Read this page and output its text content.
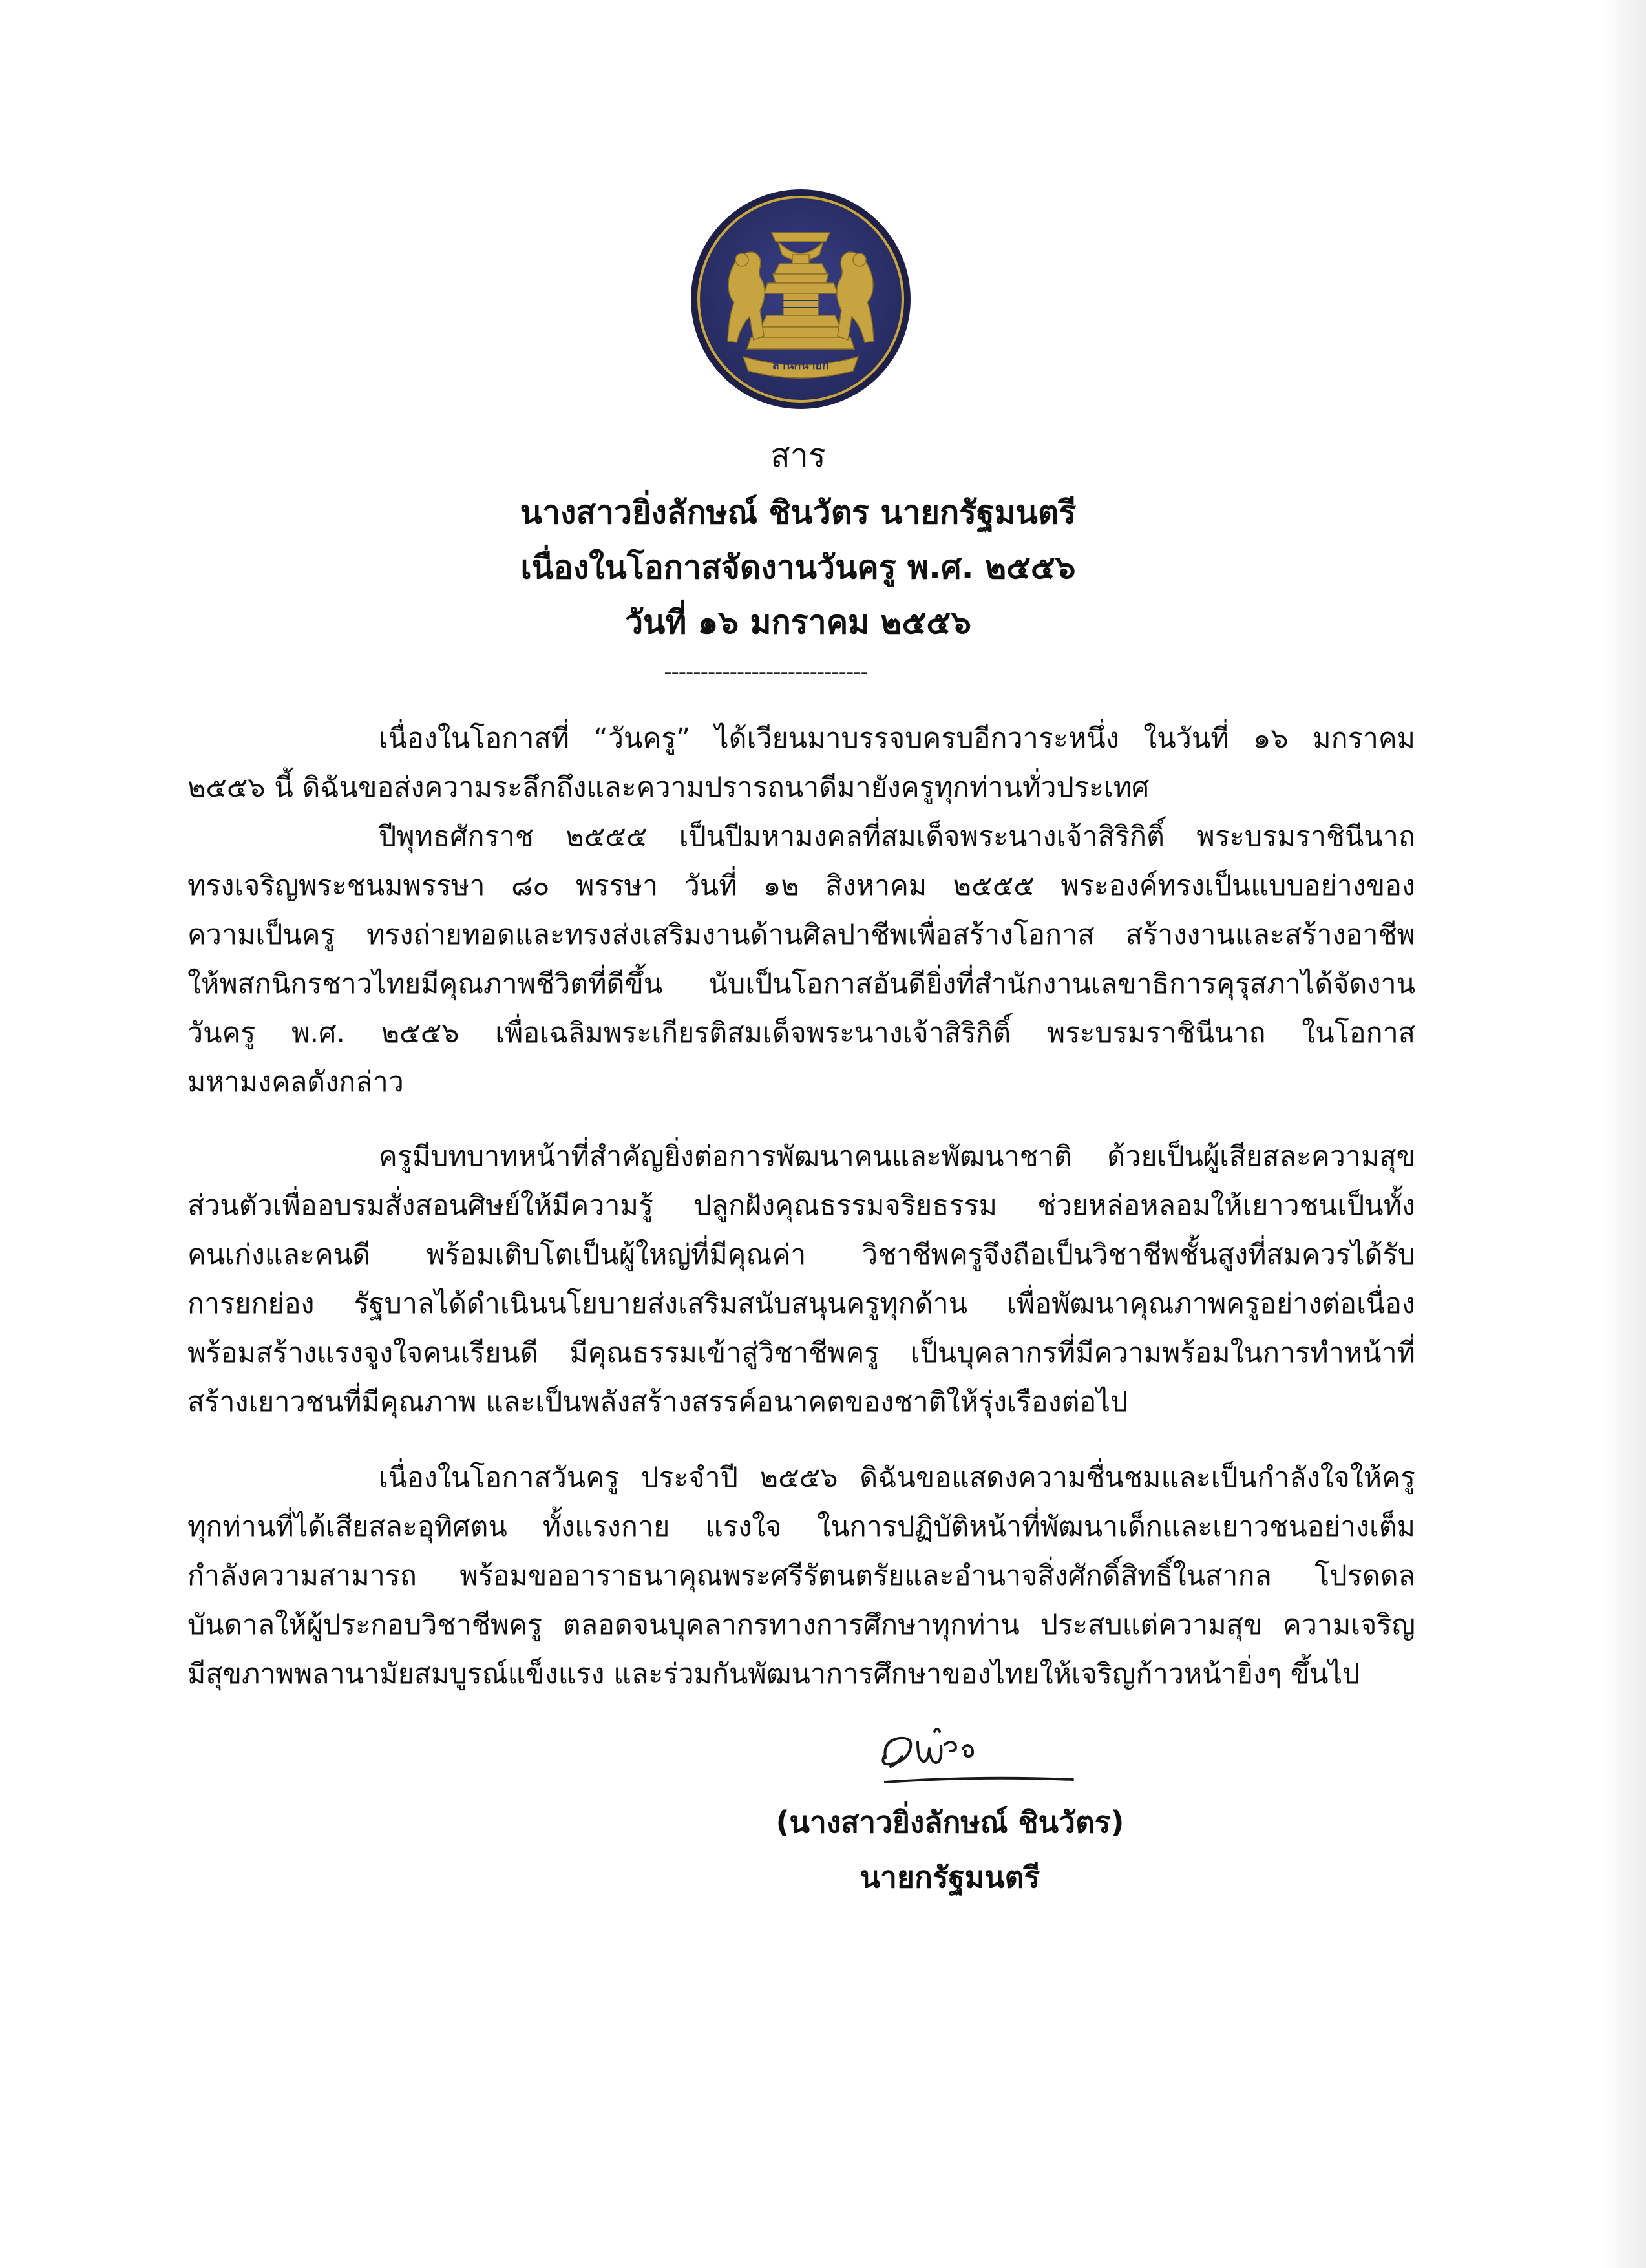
สำนักนายก
สาร
นางสาวยิ่งลักษณ์ ชินวัตร นายกรัฐมนตรี
เนื่องในโอกาสจัดงานวันครู พ.ศ. ๒๕๕๖
วันที่ ๑๖ มกราคม ๒๕๕๖
----------------------------
เนื่องในโอกาสที่ “วันครู” ได้เวียนมาบรรจบครบอีกวาระหนึ่ง ในวันที่ ๑๖ มกราคม
๒๕๕๖ นี้ ดิฉันขอส่งความระลึกถึงและความปรารถนาดีมายังครูทุกท่านทั่วประเทศ
ปีพุทธศักราช ๒๕๕๕ เป็นปีมหามงคลที่สมเด็จพระนางเจ้าสิริกิติ์ พระบรมราชินีนาถ
ทรงเจริญพระชนมพรรษา ๘๐ พรรษา วันที่ ๑๒ สิงหาคม ๒๕๕๕ พระองค์ทรงเป็นแบบอย่างของ
ความเป็นครู ทรงถ่ายทอดและทรงส่งเสริมงานด้านศิลปาชีพเพื่อสร้างโอกาส สร้างงานและสร้างอาชีพ
ให้พสกนิกรชาวไทยมีคุณภาพชีวิตที่ดีขึ้น นับเป็นโอกาสอันดียิ่งที่สำนักงานเลขาธิการคุรุสภาได้จัดงาน
วันครู พ.ศ. ๒๕๕๖ เพื่อเฉลิมพระเกียรติสมเด็จพระนางเจ้าสิริกิติ์ พระบรมราชินีนาถ ในโอกาส
มหามงคลดังกล่าว
ครูมีบทบาทหน้าที่สำคัญยิ่งต่อการพัฒนาคนและพัฒนาชาติ ด้วยเป็นผู้เสียสละความสุข
ส่วนตัวเพื่ออบรมสั่งสอนศิษย์ให้มีความรู้ ปลูกฝังคุณธรรมจริยธรรม ช่วยหล่อหลอมให้เยาวชนเป็นทั้ง
คนเก่งและคนดี พร้อมเติบโตเป็นผู้ใหญ่ที่มีคุณค่า วิชาชีพครูจึงถือเป็นวิชาชีพชั้นสูงที่สมควรได้รับ
การยกย่อง รัฐบาลได้ดำเนินนโยบายส่งเสริมสนับสนุนครูทุกด้าน เพื่อพัฒนาคุณภาพครูอย่างต่อเนื่อง
พร้อมสร้างแรงจูงใจคนเรียนดี มีคุณธรรมเข้าสู่วิชาชีพครู เป็นบุคลากรที่มีความพร้อมในการทำหน้าที่
สร้างเยาวชนที่มีคุณภาพ และเป็นพลังสร้างสรรค์อนาคตของชาติให้รุ่งเรืองต่อไป
เนื่องในโอกาสวันครู ประจำปี ๒๕๕๖ ดิฉันขอแสดงความชื่นชมและเป็นกำลังใจให้ครู
ทุกท่านที่ได้เสียสละอุทิศตน ทั้งแรงกาย แรงใจ ในการปฏิบัติหน้าที่พัฒนาเด็กและเยาวชนอย่างเต็ม
กำลังความสามารถ พร้อมขออาราธนาคุณพระศรีรัตนตรัยและอำนาจสิ่งศักดิ์สิทธิ์ในสากล โปรดดล
บันดาลให้ผู้ประกอบวิชาชีพครู ตลอดจนบุคลากรทางการศึกษาทุกท่าน ประสบแต่ความสุข ความเจริญ
มีสุขภาพพลานามัยสมบูรณ์แข็งแรง และร่วมกันพัฒนาการศึกษาของไทยให้เจริญก้าวหน้ายิ่งๆ ขึ้นไป
(นางสาวยิ่งลักษณ์ ชินวัตร)
นายกรัฐมนตรี
